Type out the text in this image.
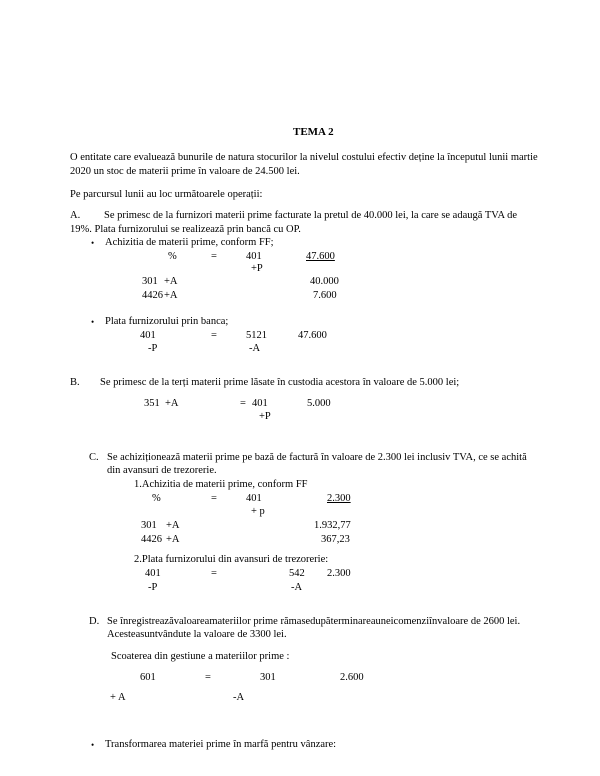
TEMA 2
O entitate care evaluează bunurile de natura stocurilor la nivelul costului efectiv deține la începutul lunii martie
2020 un stoc de materii prime în valoare de 24.500 lei.
Pe parcursul lunii au loc următoarele operații:
A. Se primesc de la furnizori materii prime facturate la pretul de 40.000 lei, la care se adaugă TVA de
19%. Plata furnizorului se realizează prin bancă cu OP.
• Achizitia de materii prime, conform FF;
%	=	401	47.600
+P
301 +A	40.000
4426 +A	7.600
• Plata furnizorului prin banca;
401	=	5121	47.600
-P	-A
B. Se primesc de la terți materii prime lăsate în custodia acestora în valoare de 5.000 lei;
351 +A	= 401	5.000
+P
C. Se achiziționează materii prime pe bază de factură în valoare de 2.300 lei inclusiv TVA, ce se achită
din avansuri de trezorerie.
1.Achizitia de materii prime, conform FF
%	=	401	2.300
+ p
301 +A	1.932,77
4426 +A	367,23
2.Plata furnizorului din avansuri de trezorerie:
401	=	542 2.300
-P	-A
D. Se înregistreazăvaloareamateriilor prime rămasedupăterminareauneicomenziînvaloare de 2600 lei.
Acesteasuntvândute la valoare de 3300 lei.
Scoaterea din gestiune a materiilor prime :
601	=	301	2.600
+ A	-A
• Transformarea materiei prime în marfă pentru vânzare:
